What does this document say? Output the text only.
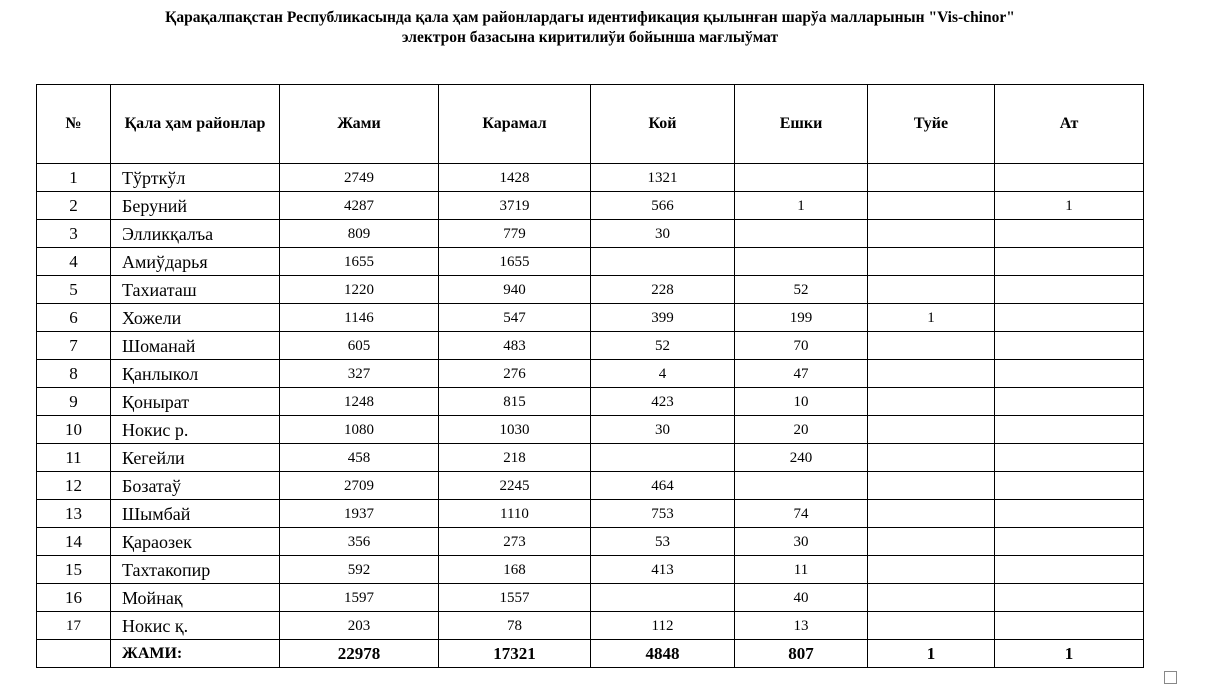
Қарақалпақстан Республикасында қала ҳам районлардагы идентификация қылынған шарўа малларынын "Vis-chinor"
электрон базасына киритилиўи бойынша мағлыўмат
№	Қала ҳам районлар	Жами	Карамал	Кой	Ешки	Туйе	Ат
1	Тўрткўл	2749	1428	1321			
2	Беруний	4287	3719	566	1		1
3	Элликқалъа	809	779	30			
4	Амиўдарья	1655	1655				
5	Тахиаташ	1220	940	228	52		
6	Хожели	1146	547	399	199	1	
7	Шоманай	605	483	52	70		
8	Қанлыкол	327	276	4	47		
9	Қонырат	1248	815	423	10		
10	Нокис р.	1080	1030	30	20		
11	Кегейли	458	218		240		
12	Бозатаў	2709	2245	464			
13	Шымбай	1937	1110	753	74		
14	Қараозек	356	273	53	30		
15	Тахтакопир	592	168	413	11		
16	Мойнақ	1597	1557		40		
17	Нокис қ.	203	78	112	13		
	ЖАМИ:	22978	17321	4848	807	1	1
